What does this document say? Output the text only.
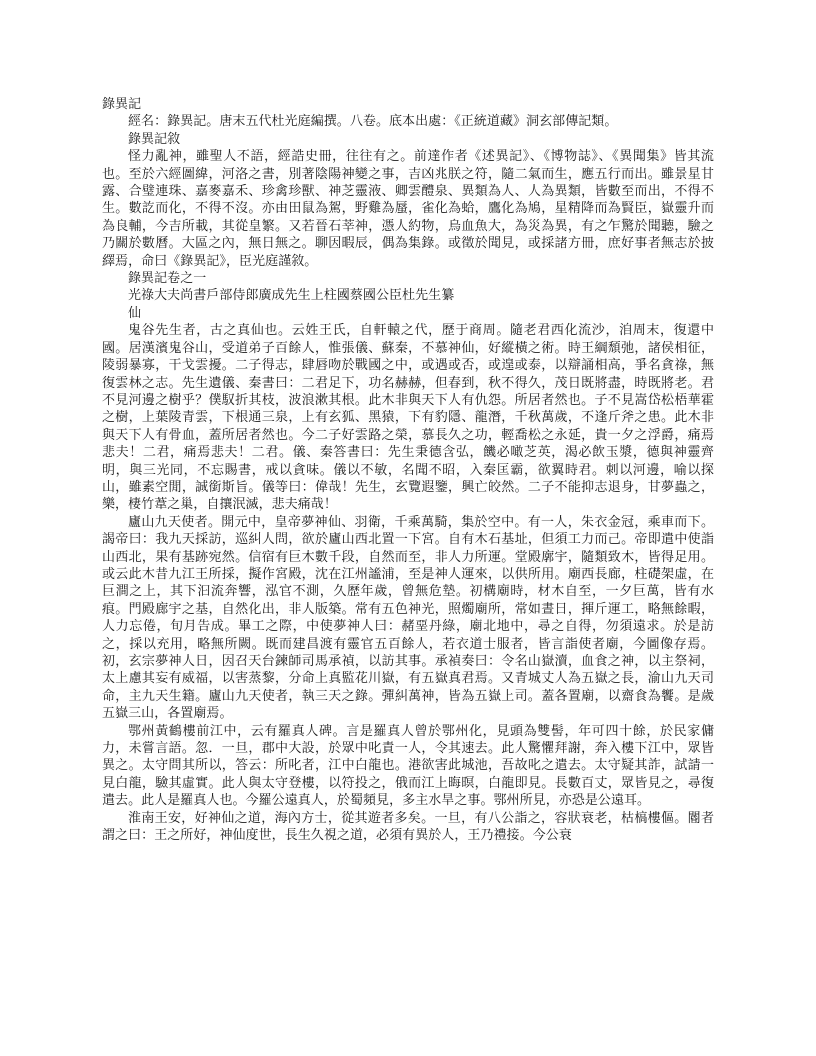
錄異記

經名：錄異記。唐末五代杜光庭編撰。八卷。底本出處：《正統道藏》洞玄部傳記類。

錄異記敘

怪力亂神，雖聖人不語，經誥史冊，往往有之。前達作者《述異記》、《博物誌》、《異聞集》皆其流也。至於六經圖緯，河洛之書，別著陰陽神變之事，吉凶兆朕之符，隨二氣而生，應五行而出。雖景星甘露、合璧連珠、嘉麥嘉禾、珍禽珍獸、神芝靈液、卿雲醴泉、異類為人、人為異類，皆數至而出，不得不生。數訖而化，不得不沒。亦由田鼠為駕，野雞為蜃，雀化為蛤，鷹化為鳩，星精降而為賢臣，嶽靈升而為良輔，今吉所載，其從皇繁。又若晉石莘神，憑人約物，烏血魚大，為災為異，有之乍驚於聞聽，驗之乃關於數曆。大區之內，無日無之。聊因暇辰，偶為集錄。或徵於聞見，或採諸方冊，庶好事者無志於披繹焉，命曰《錄異記》，臣光庭謹敘。

錄異記卷之一

光祿大夫尚書戶部侍郎廣成先生上柱國蔡國公臣杜先生纂

仙

鬼谷先生者，古之真仙也。云姓王氏，自軒轅之代，歷于商周。隨老君西化流沙，洎周末，復還中國。居漢濱鬼谷山，受道弟子百餘人，惟張儀、蘇秦，不慕神仙，好縱橫之術。時王綱頹弛，諸侯相征，陵弱暴寡，干戈雲擾。二子得志，肆唇吻於戰國之中，或遇或否，或遑或泰，以辯誦相高，爭名貪祿，無復雲林之志。先生遺儀、秦書曰：二君足下，功名赫赫，但春到，秋不得久，茂日既將盡，時既將老。君不見河邊之樹乎？僕馭折其枝，波浪漱其根。此木非與天下人有仇怨。所居者然也。子不見嵩岱松梧華霍之樹，上葉陵青雲，下根通三泉，上有玄狐、黑猿，下有豹隱、龍潛，千秋萬歲，不逢斤斧之患。此木非與天下人有骨血，蓋所居者然也。今二子好雲路之榮，慕長久之功，輕喬松之永延，貴一夕之浮爵，痛焉悲夫！二君，痛焉悲夫！二君。儀、秦答書曰：先生秉德含弘，饑必噉芝英，渴必飲玉漿，德與神靈齊明，與三光同，不忘賜書，戒以貪味。儀以不敏，名聞不昭，入秦匡霸，欲翼時君。刺以河邊，喻以探山，雖素空閒，誠銜斯旨。儀等曰：偉哉！先生，玄覽遐鑒，興亡皎然。二子不能抑志退身，甘夢蟲之，樂，棲竹葦之巢，自攘泯滅，悲夫痛哉！

廬山九天使者。開元中，皇帝夢神仙、羽衛，千乘萬騎，集於空中。有一人，朱衣金冠，乘車而下。謁帝曰：我九天採訪，巡糾人問，欲於廬山西北置一下宮。自有木石基址，但須工力而己。帝即遣中使詣山西北，果有基跡宛然。信宿有巨木數千段，自然而至，非人力所運。堂殿廓宇，隨類致木，皆得足用。或云此木昔九江王所採，擬作宮殿，沈在江州謐浦，至是神人運來，以供所用。廟西長廊，柱礎架虛，在巨澗之上，其下汩流奔響，泓官不測，久歷年歲，曾無危墊。初構廟時，材木自至，一夕巨萬，皆有水痕。門殿廊宇之基，自然化出，非人版築。常有五色神光，照燭廟所，常如晝日，揮斤運工，略無餘暇，人力忘倦，旬月告成。畢工之際，中使夢神人曰：赭堊丹綠，廟北地中，尋之自得，勿須遠求。於是訪之，採以充用，略無所闕。既而建昌渡有靈官五百餘人，若衣道士服者，皆言詣使者廟，今圖像存焉。初，玄宗夢神人日，因召天台鍊師司馬承禎，以訪其事。承禎奏曰：令名山嶽瀆，血食之神，以主祭祠，太上慮其妄有威福，以害蒸黎，分命上真監花川嶽，有五嶽真君焉。又青城丈人為五嶽之長，渝山九天司命，主九天生籍。廬山九天使者，執三天之錄。彈糾萬神，皆為五嶽上司。蓋各置廟，以齋食為饗。是歲五嶽三山，各置廟焉。

鄂州黃鶴樓前江中，云有羅真人碑。言是羅真人曾於鄂州化，見頭為雙髻，年可四十餘，於民家傭力，未嘗言語。忽．一旦，郡中大設，於眾中叱責一人，令其速去。此人驚懼拜謝，奔入樓下江中，眾皆異之。太守問其所以，答云：所叱者，江中白龍也。港欲害此城池，吾故叱之遣去。太守疑其詐，試請一見白龍，驗其虛實。此人與太守登樓，以符投之，俄而江上晦暝，白龍即見。長數百丈，眾皆見之，尋復遣去。此人是羅真人也。今羅公遠真人，於蜀頻見，多主水旱之事。鄂州所見，亦恐是公遠耳。

淮南王安，好神仙之道，海內方士，從其遊者多矣。一旦，有八公詣之，容狀衰老，枯槁樓傴。閽者謂之曰：王之所好，神仙度世，長生久視之道，必須有異於人，王乃禮接。今公衰
